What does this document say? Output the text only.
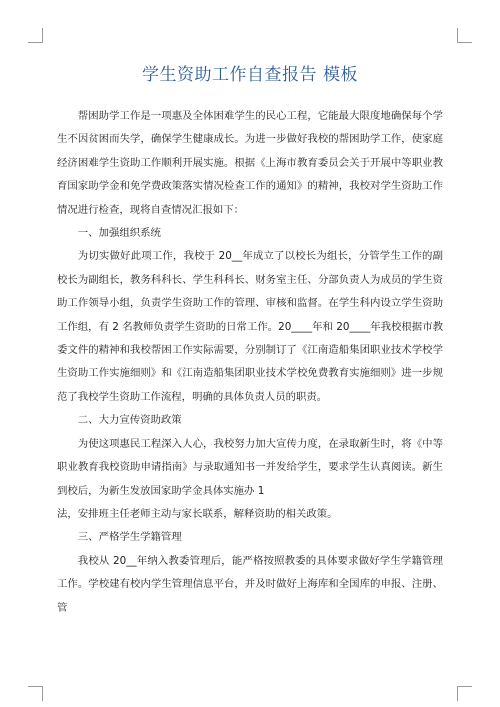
学生资助工作自查报告 模板

帮困助学工作是一项惠及全体困难学生的民心工程，它能最大限度地确保每个学生不因贫困而失学，确保学生健康成长。为进一步做好我校的帮困助学工作，使家庭经济困难学生资助工作顺利开展实施。根据《上海市教育委员会关于开展中等职业教育国家助学金和免学费政策落实情况检查工作的通知》的精神，我校对学生资助工作情况进行检查，现将自查情况汇报如下：

一、加强组织系统

为切实做好此项工作，我校于 20__年成立了以校长为组长，分管学生工作的副校长为副组长，教务科科长、学生科科长、财务室主任、分部负责人为成员的学生资助工作领导小组，负责学生资助工作的管理、审核和监督。在学生科内设立学生资助工作组，有 2 名教师负责学生资助的日常工作。20____年和 20____年我校根据市教委文件的精神和我校帮困工作实际需要，分别制订了《江南造船集团职业技术学校学生资助工作实施细则》和《江南造船集团职业技术学校免费教育实施细则》进一步规范了我校学生资助工作流程，明确的具体负责人员的职责。

二、大力宣传资助政策

为使这项惠民工程深入人心，我校努力加大宣传力度，在录取新生时，将《中等职业教育我校资助申请指南》与录取通知书一并发给学生，要求学生认真阅读。新生到校后，为新生发放国家助学金具体实施办 1

法，安排班主任老师主动与家长联系，解释资助的相关政策。

三、严格学生学籍管理

我校从 20__年纳入教委管理后，能严格按照教委的具体要求做好学生学籍管理工作。学校建有校内学生管理信息平台，并及时做好上海库和全国库的申报、注册、管
